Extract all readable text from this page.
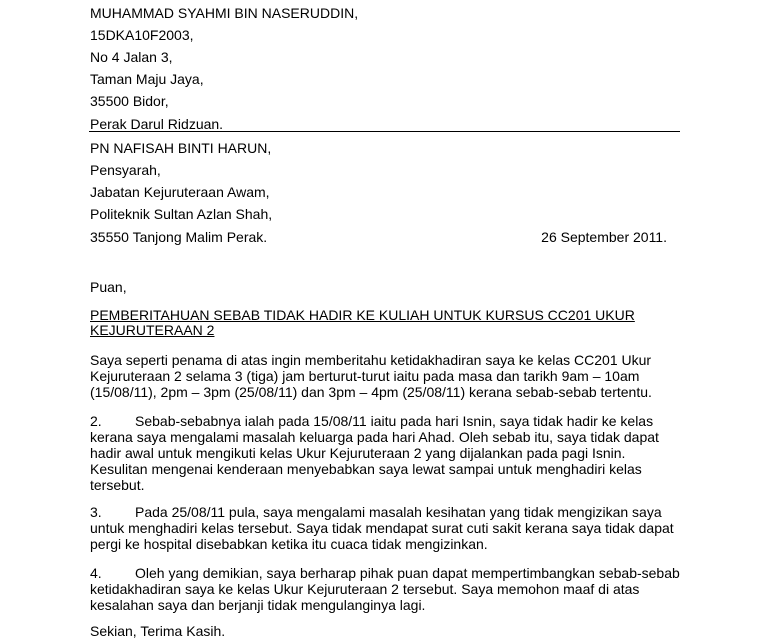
MUHAMMAD SYAHMI BIN NASERUDDIN,
15DKA10F2003,
No 4 Jalan 3,
Taman Maju Jaya,
35500 Bidor,
Perak Darul Ridzuan.
PN NAFISAH BINTI HARUN,
Pensyarah,
Jabatan Kejuruteraan Awam,
Politeknik Sultan Azlan Shah,
35550 Tanjong Malim Perak.	26 September 2011.
Puan,
PEMBERITAHUAN SEBAB TIDAK HADIR KE KULIAH UNTUK KURSUS CC201 UKUR KEJURUTERAAN 2

Saya seperti penama di atas ingin memberitahu ketidakhadiran saya ke kelas CC201 Ukur Kejuruteraan 2 selama 3 (tiga) jam berturut-turut iaitu pada masa dan tarikh 9am – 10am (15/08/11), 2pm – 3pm (25/08/11) dan 3pm – 4pm (25/08/11) kerana sebab-sebab tertentu.

2. Sebab-sebabnya ialah pada 15/08/11 iaitu pada hari Isnin, saya tidak hadir ke kelas kerana saya mengalami masalah keluarga pada hari Ahad. Oleh sebab itu, saya tidak dapat hadir awal untuk mengikuti kelas Ukur Kejuruteraan 2 yang dijalankan pada pagi Isnin. Kesulitan mengenai kenderaan menyebabkan saya lewat sampai untuk menghadiri kelas tersebut.

3. Pada 25/08/11 pula, saya mengalami masalah kesihatan yang tidak mengizikan saya untuk menghadiri kelas tersebut. Saya tidak mendapat surat cuti sakit kerana saya tidak dapat pergi ke hospital disebabkan ketika itu cuaca tidak mengizinkan.

4. Oleh yang demikian, saya berharap pihak puan dapat mempertimbangkan sebab-sebab ketidakhadiran saya ke kelas Ukur Kejuruteraan 2 tersebut. Saya memohon maaf di atas kesalahan saya dan berjanji tidak mengulanginya lagi.

Sekian, Terima Kasih.
